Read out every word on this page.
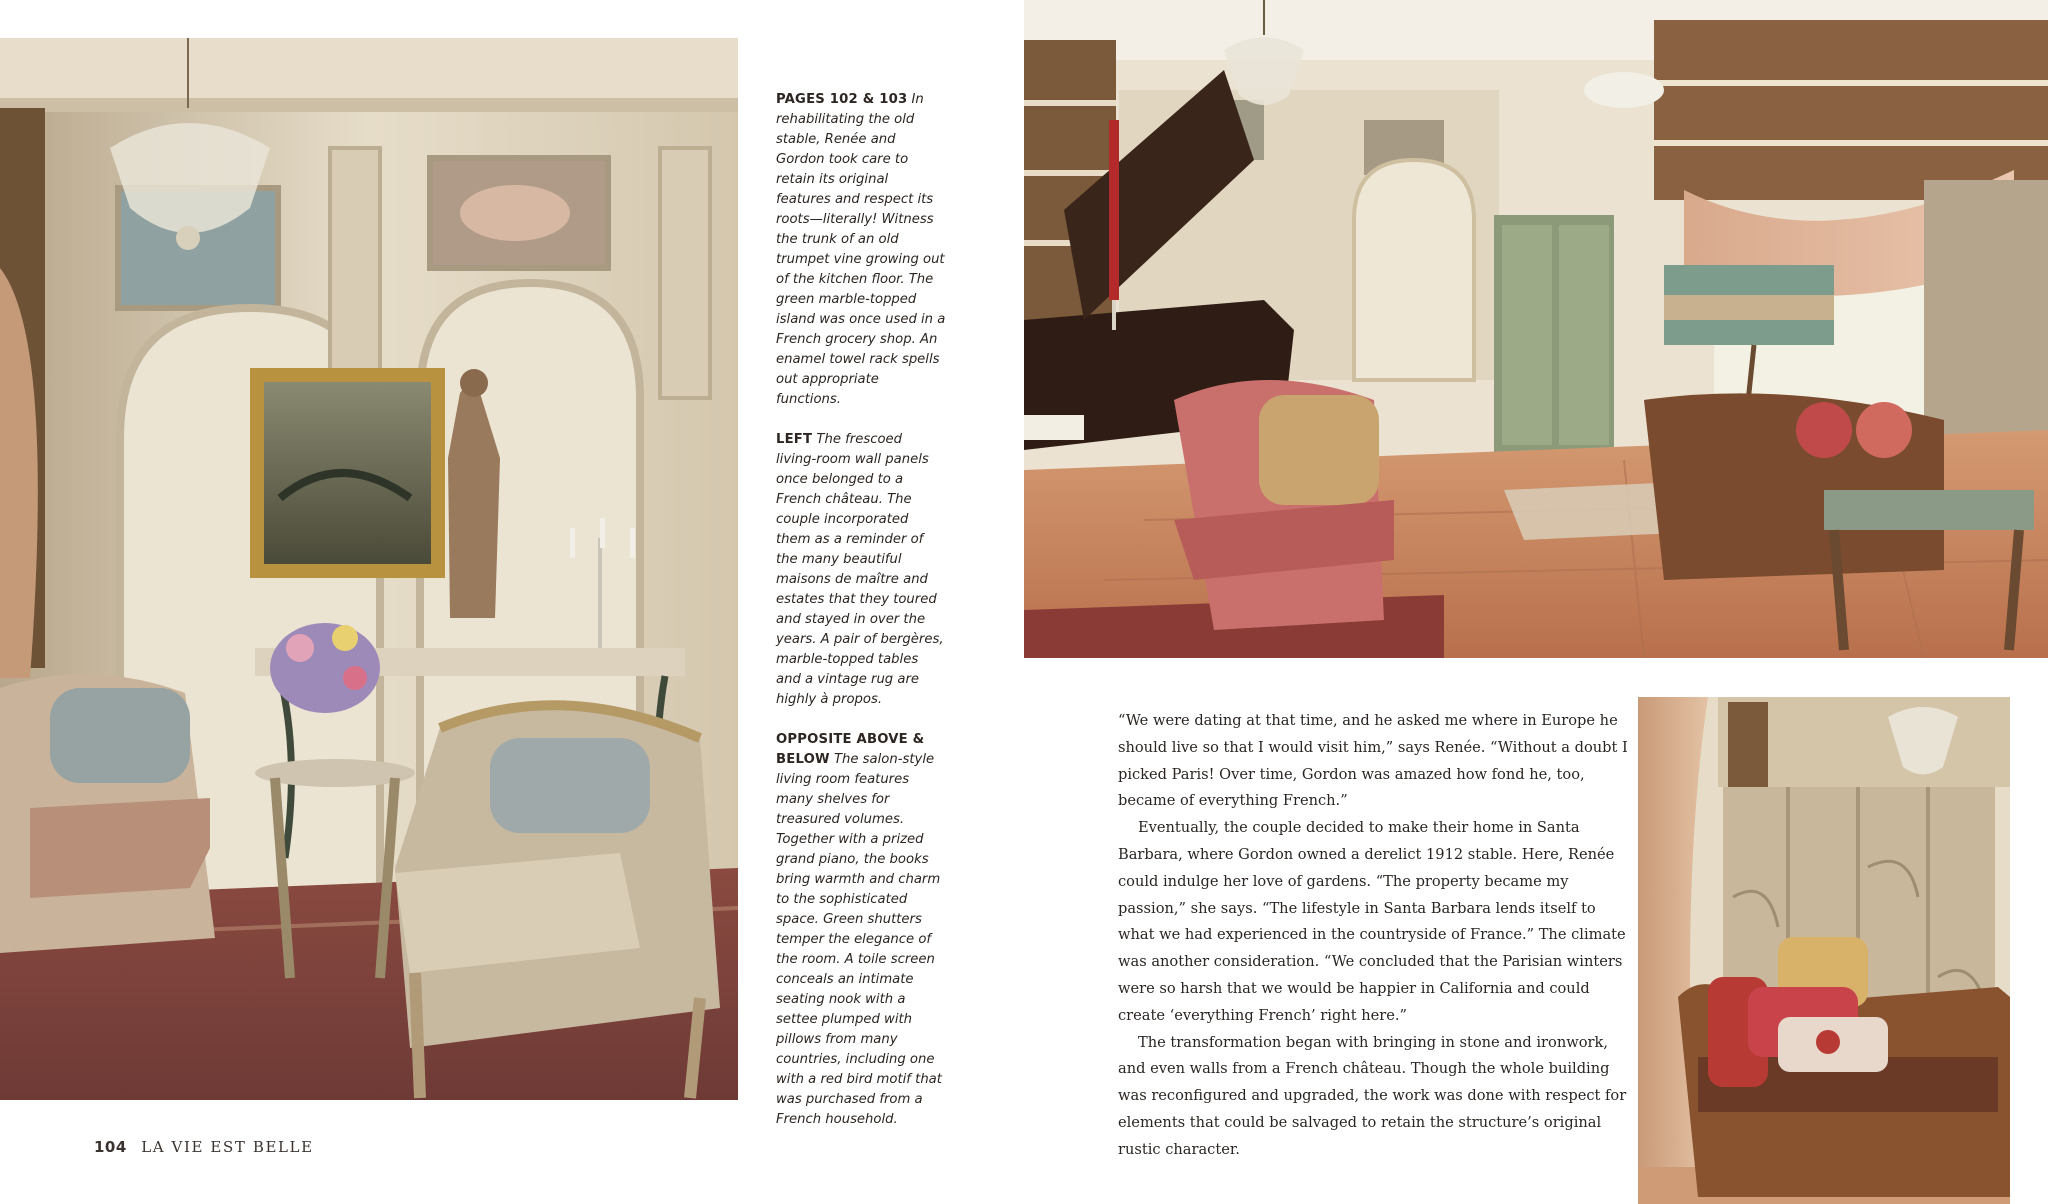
PAGES 102 & 103 In rehabilitating the old stable, Renée and Gordon took care to retain its original features and respect its roots—literally! Witness the trunk of an old trumpet vine growing out of the kitchen floor. The green marble-topped island was once used in a French grocery shop. An enamel towel rack spells out appropriate functions.

LEFT The frescoed living-room wall panels once belonged to a French château. The couple incorporated them as a reminder of the many beautiful maisons de maître and estates that they toured and stayed in over the years. A pair of bergères, marble-topped tables and a vintage rug are highly à propos.

OPPOSITE ABOVE & BELOW The salon-style living room features many shelves for treasured volumes. Together with a prized grand piano, the books bring warmth and charm to the sophisticated space. Green shutters temper the elegance of the room. A toile screen conceals an intimate seating nook with a settee plumped with pillows from many countries, including one with a red bird motif that was purchased from a French household.

“We were dating at that time, and he asked me where in Europe he should live so that I would visit him,” says Renée. “Without a doubt I picked Paris! Over time, Gordon was amazed how fond he, too, became of everything French.”

Eventually, the couple decided to make their home in Santa Barbara, where Gordon owned a derelict 1912 stable. Here, Renée could indulge her love of gardens. “The property became my passion,” she says. “The lifestyle in Santa Barbara lends itself to what we had experienced in the countryside of France.” The climate was another consideration. “We concluded that the Parisian winters were so harsh that we would be happier in California and could create ‘everything French’ right here.”

The transformation began with bringing in stone and ironwork, and even walls from a French château. Though the whole building was reconfigured and upgraded, the work was done with respect for elements that could be salvaged to retain the structure’s original rustic character.

104 LA VIE EST BELLE
